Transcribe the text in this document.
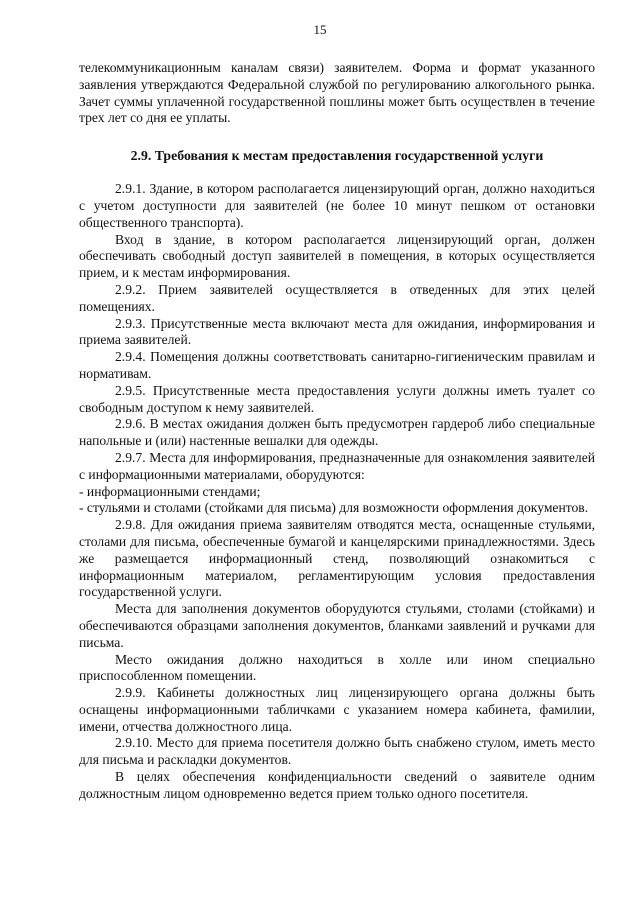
15

телекоммуникационным каналам связи) заявителем. Форма и формат указанного заявления утверждаются Федеральной службой по регулированию алкогольного рынка. Зачет суммы уплаченной государственной пошлины может быть осуществлен в течение трех лет со дня ее уплаты.

2.9. Требования к местам предоставления государственной услуги

2.9.1. Здание, в котором располагается лицензирующий орган, должно находиться с учетом доступности для заявителей (не более 10 минут пешком от остановки общественного транспорта).

Вход в здание, в котором располагается лицензирующий орган, должен обеспечивать свободный доступ заявителей в помещения, в которых осуществляется прием, и к местам информирования.

2.9.2. Прием заявителей осуществляется в отведенных для этих целей помещениях.

2.9.3. Присутственные места включают места для ожидания, информирования и приема заявителей.

2.9.4. Помещения должны соответствовать санитарно-гигиеническим правилам и нормативам.

2.9.5. Присутственные места предоставления услуги должны иметь туалет со свободным доступом к нему заявителей.

2.9.6. В местах ожидания должен быть предусмотрен гардероб либо специальные напольные и (или) настенные вешалки для одежды.

2.9.7. Места для информирования, предназначенные для ознакомления заявителей с информационными материалами, оборудуются:

- информационными стендами;

- стульями и столами (стойками для письма) для возможности оформления документов.

2.9.8. Для ожидания приема заявителям отводятся места, оснащенные стульями, столами для письма, обеспеченные бумагой и канцелярскими принадлежностями. Здесь же размещается информационный стенд, позволяющий ознакомиться с информационным материалом, регламентирующим условия предоставления государственной услуги.

Места для заполнения документов оборудуются стульями, столами (стойками) и обеспечиваются образцами заполнения документов, бланками заявлений и ручками для письма.

Место ожидания должно находиться в холле или ином специально приспособленном помещении.

2.9.9. Кабинеты должностных лиц лицензирующего органа должны быть оснащены информационными табличками с указанием номера кабинета, фамилии, имени, отчества должностного лица.

2.9.10. Место для приема посетителя должно быть снабжено стулом, иметь место для письма и раскладки документов.

В целях обеспечения конфиденциальности сведений о заявителе одним должностным лицом одновременно ведется прием только одного посетителя.
